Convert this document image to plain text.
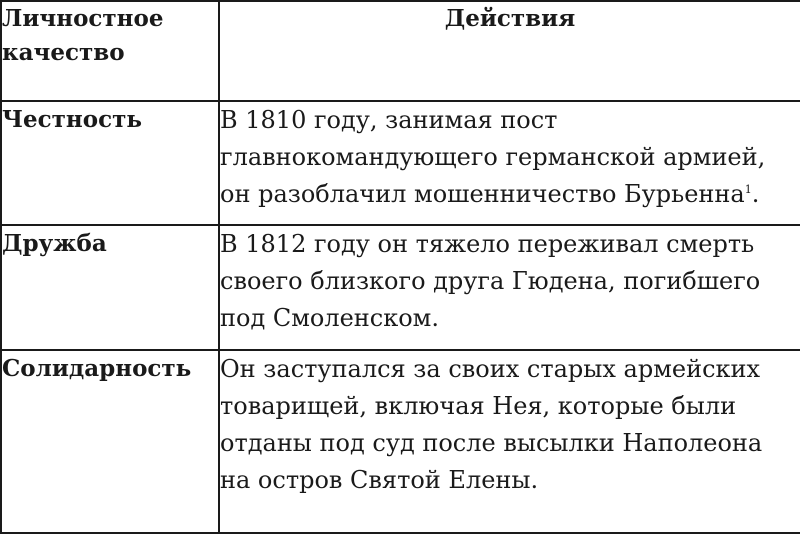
Личностное качество	Действия
Честность	В 1810 году, занимая пост главнокомандующего германской армией, он разоблачил мошенничество Бурьенна$^1$.
Дружба	В 1812 году он тяжело переживал смерть своего близкого друга Гюдена, погибшего под Смоленском.
Солидарность	Он заступался за своих старых армейских товарищей, включая Нея, которые были отданы под суд после высылки Наполеона на остров Святой Елены.
